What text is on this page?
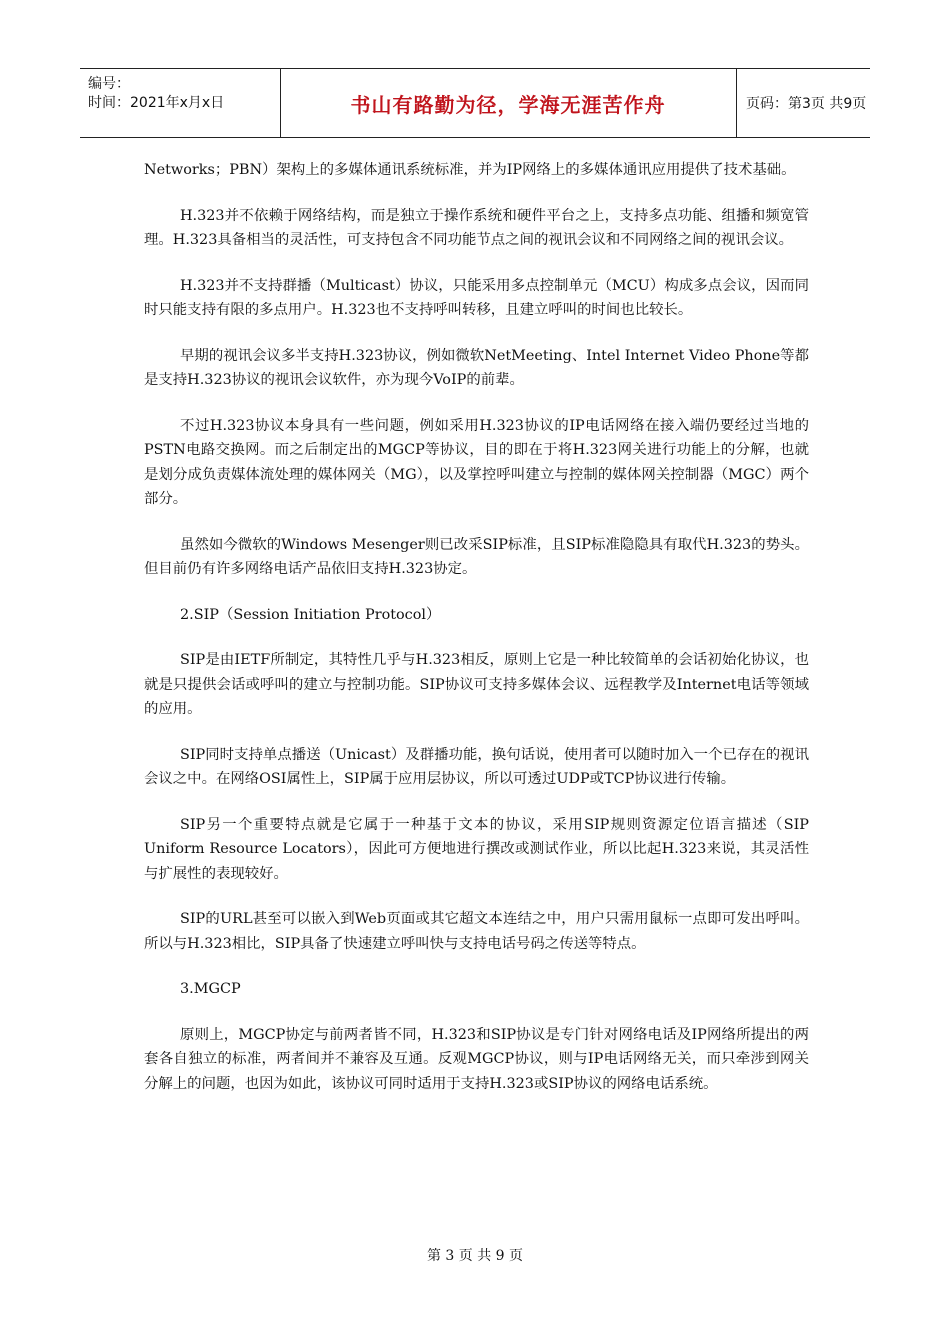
编号：
时间：2021年x月x日	书山有路勤为径，学海无涯苦作舟	页码：第3页 共9页

Networks；PBN）架构上的多媒体通讯系统标准，并为IP网络上的多媒体通讯应用提供了技术基础。

H.323并不依赖于网络结构，而是独立于操作系统和硬件平台之上，支持多点功能、组播和频宽管理。H.323具备相当的灵活性，可支持包含不同功能节点之间的视讯会议和不同网络之间的视讯会议。

H.323并不支持群播（Multicast）协议，只能采用多点控制单元（MCU）构成多点会议，因而同时只能支持有限的多点用户。H.323也不支持呼叫转移，且建立呼叫的时间也比较长。

早期的视讯会议多半支持H.323协议，例如微软NetMeeting、Intel Internet Video Phone等都是支持H.323协议的视讯会议软件，亦为现今VoIP的前辈。

不过H.323协议本身具有一些问题，例如采用H.323协议的IP电话网络在接入端仍要经过当地的PSTN电路交换网。而之后制定出的MGCP等协议，目的即在于将H.323网关进行功能上的分解，也就是划分成负责媒体流处理的媒体网关（MG），以及掌控呼叫建立与控制的媒体网关控制器（MGC）两个部分。

虽然如今微软的Windows Mesenger则已改采SIP标准，且SIP标准隐隐具有取代H.323的势头。但目前仍有许多网络电话产品依旧支持H.323协定。

2.SIP（Session Initiation Protocol）

SIP是由IETF所制定，其特性几乎与H.323相反，原则上它是一种比较简单的会话初始化协议，也就是只提供会话或呼叫的建立与控制功能。SIP协议可支持多媒体会议、远程教学及Internet电话等领域的应用。

SIP同时支持单点播送（Unicast）及群播功能，换句话说，使用者可以随时加入一个已存在的视讯会议之中。在网络OSI属性上，SIP属于应用层协议，所以可透过UDP或TCP协议进行传输。

SIP另一个重要特点就是它属于一种基于文本的协议，采用SIP规则资源定位语言描述（SIP Uniform Resource Locators），因此可方便地进行撰改或测试作业，所以比起H.323来说，其灵活性与扩展性的表现较好。

SIP的URL甚至可以嵌入到Web页面或其它超文本连结之中，用户只需用鼠标一点即可发出呼叫。所以与H.323相比，SIP具备了快速建立呼叫快与支持电话号码之传送等特点。

3.MGCP

原则上，MGCP协定与前两者皆不同，H.323和SIP协议是专门针对网络电话及IP网络所提出的两套各自独立的标准，两者间并不兼容及互通。反观MGCP协议，则与IP电话网络无关，而只牵涉到网关分解上的问题，也因为如此，该协议可同时适用于支持H.323或SIP协议的网络电话系统。

第 3 页 共 9 页
